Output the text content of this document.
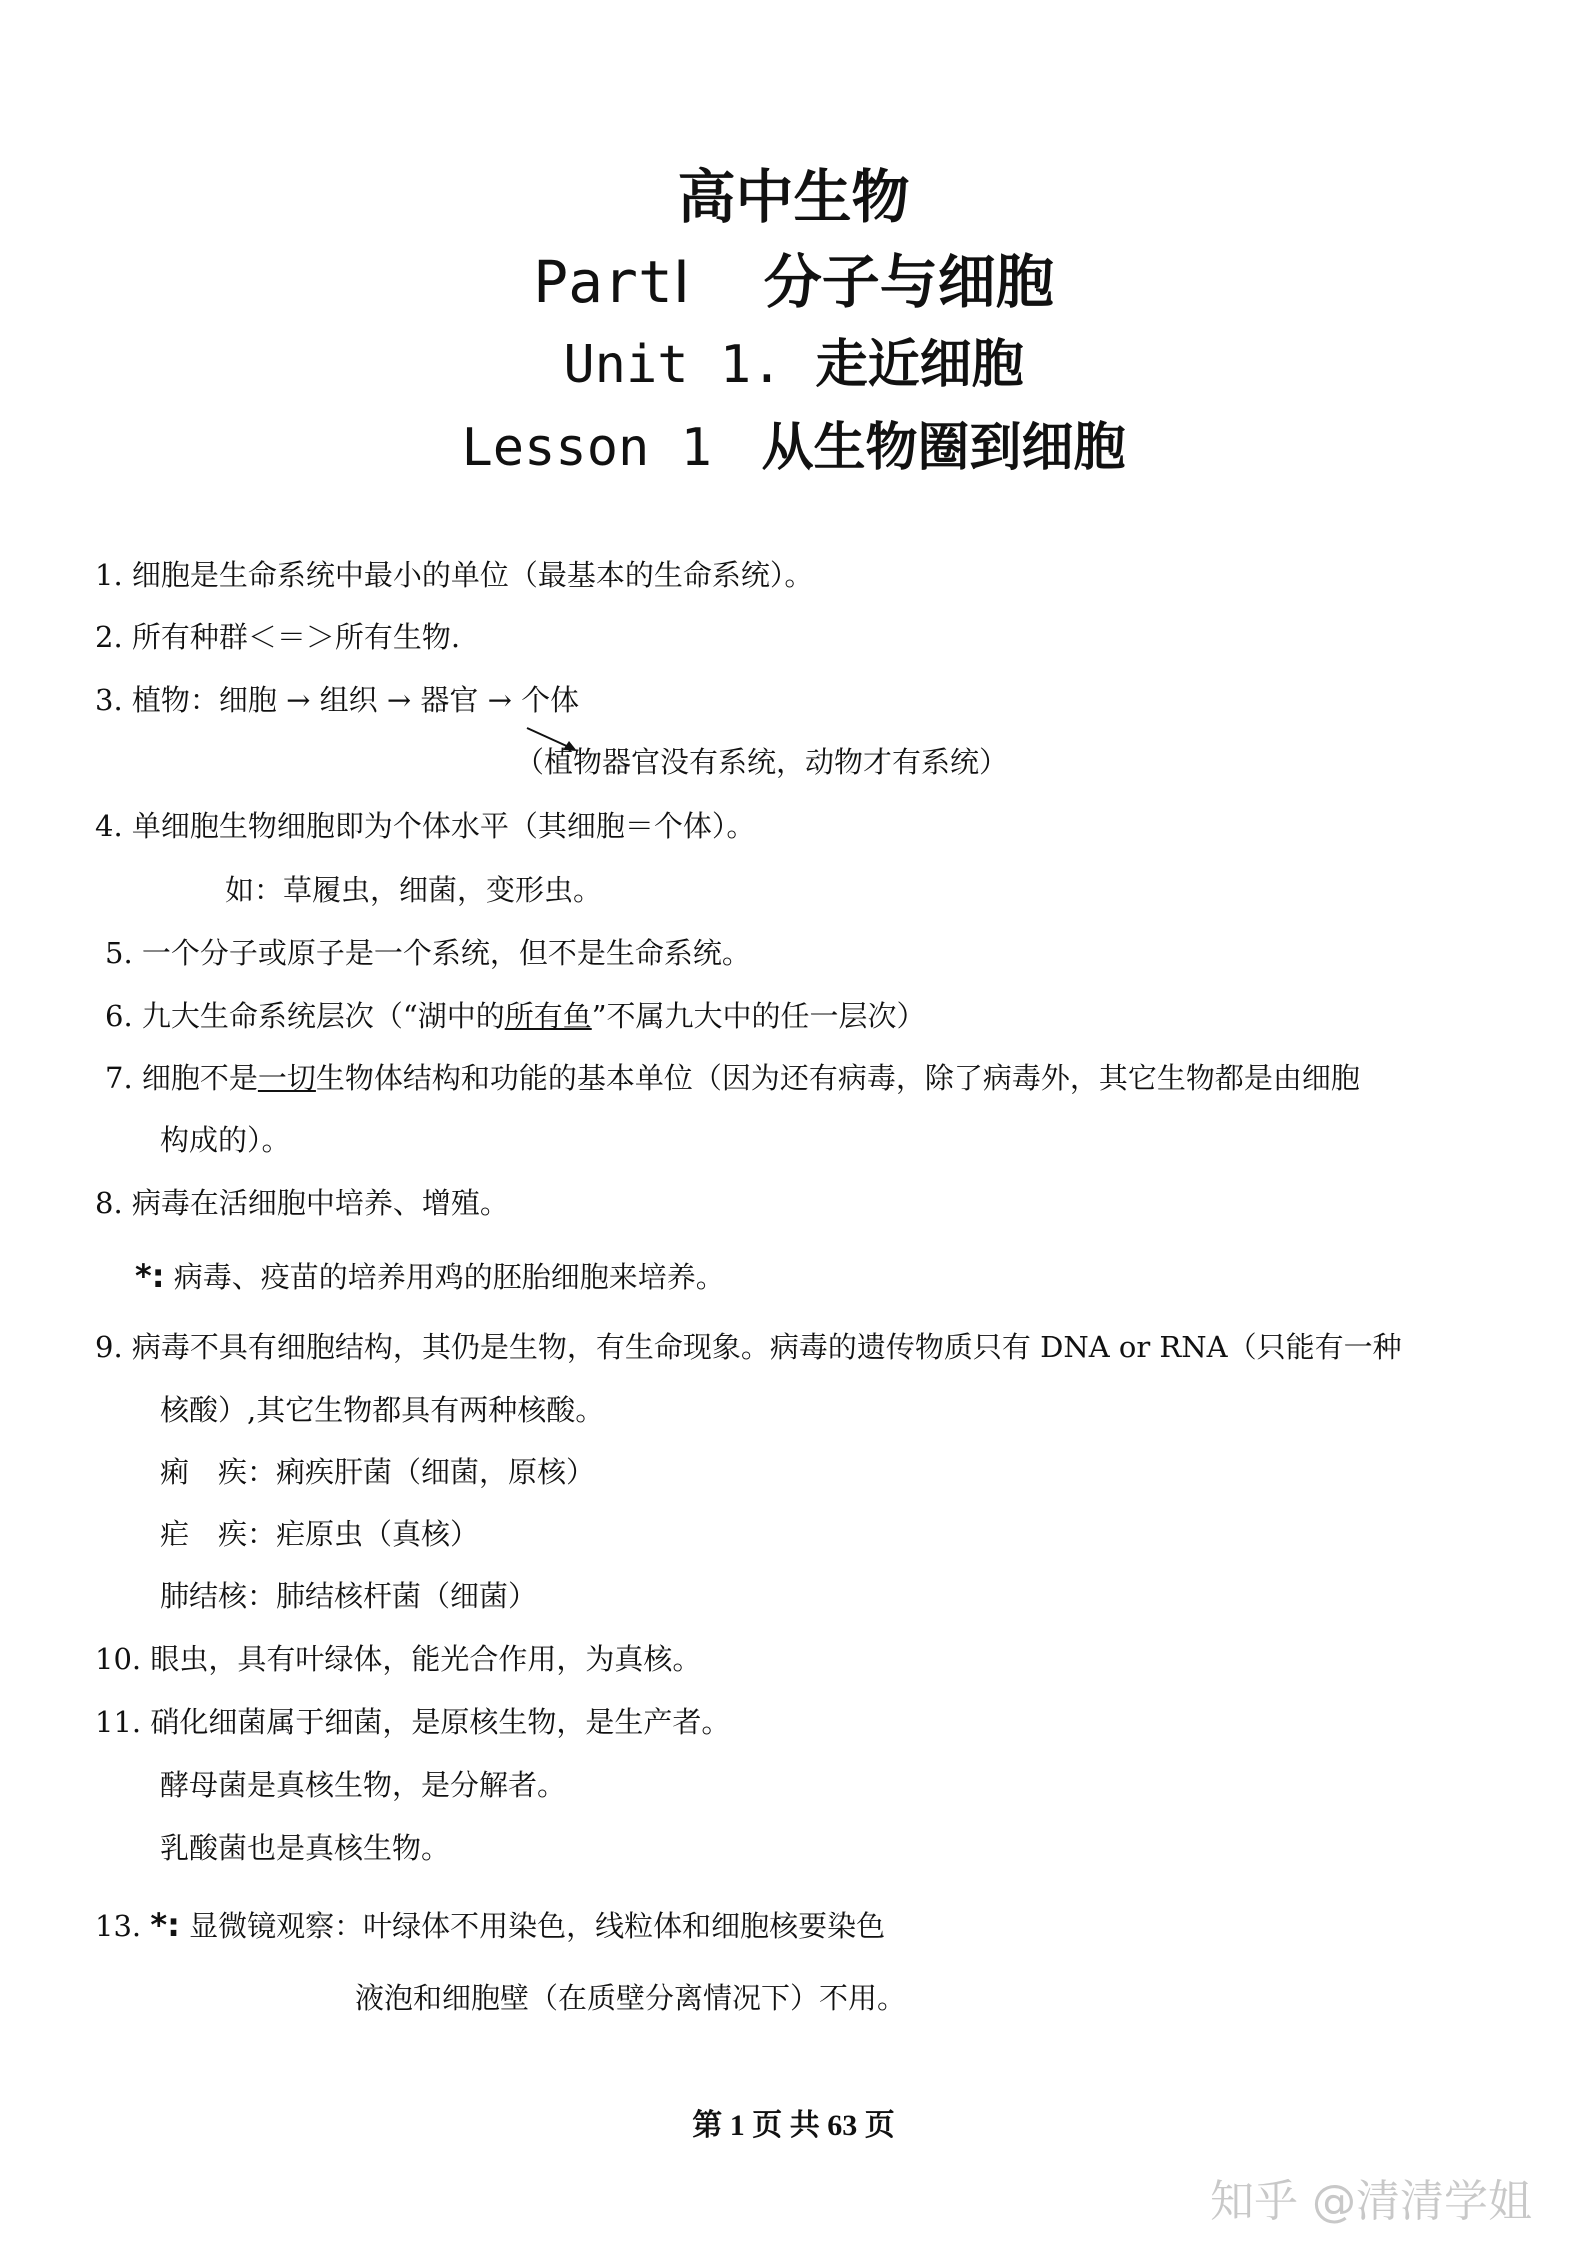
高中生物
PartⅠ 分子与细胞
Unit 1. 走近细胞
Lesson 1 从生物圈到细胞
1. 细胞是生命系统中最小的单位（最基本的生命系统）。
2. 所有种群＜＝＞所有生物.
3. 植物：细胞 → 组织 → 器官 → 个体
（植物器官没有系统，动物才有系统）
4. 单细胞生物细胞即为个体水平（其细胞＝个体）。
如：草履虫，细菌，变形虫。
5. 一个分子或原子是一个系统，但不是生命系统。
6. 九大生命系统层次（“湖中的所有鱼”不属九大中的任一层次）
7. 细胞不是一切生物体结构和功能的基本单位（因为还有病毒，除了病毒外，其它生物都是由细胞
构成的）。
8. 病毒在活细胞中培养、增殖。
*: 病毒、疫苗的培养用鸡的胚胎细胞来培养。
9. 病毒不具有细胞结构，其仍是生物，有生命现象。病毒的遗传物质只有 DNA or RNA（只能有一种
核酸）,其它生物都具有两种核酸。
痢　疾：痢疾肝菌（细菌，原核）
疟　疾：疟原虫（真核）
肺结核：肺结核杆菌（细菌）
10. 眼虫，具有叶绿体，能光合作用，为真核。
11. 硝化细菌属于细菌，是原核生物，是生产者。
酵母菌是真核生物，是分解者。
乳酸菌也是真核生物。
13. *: 显微镜观察：叶绿体不用染色，线粒体和细胞核要染色
液泡和细胞壁（在质壁分离情况下）不用。
第 1 页 共 63 页
知乎 @清清学姐
